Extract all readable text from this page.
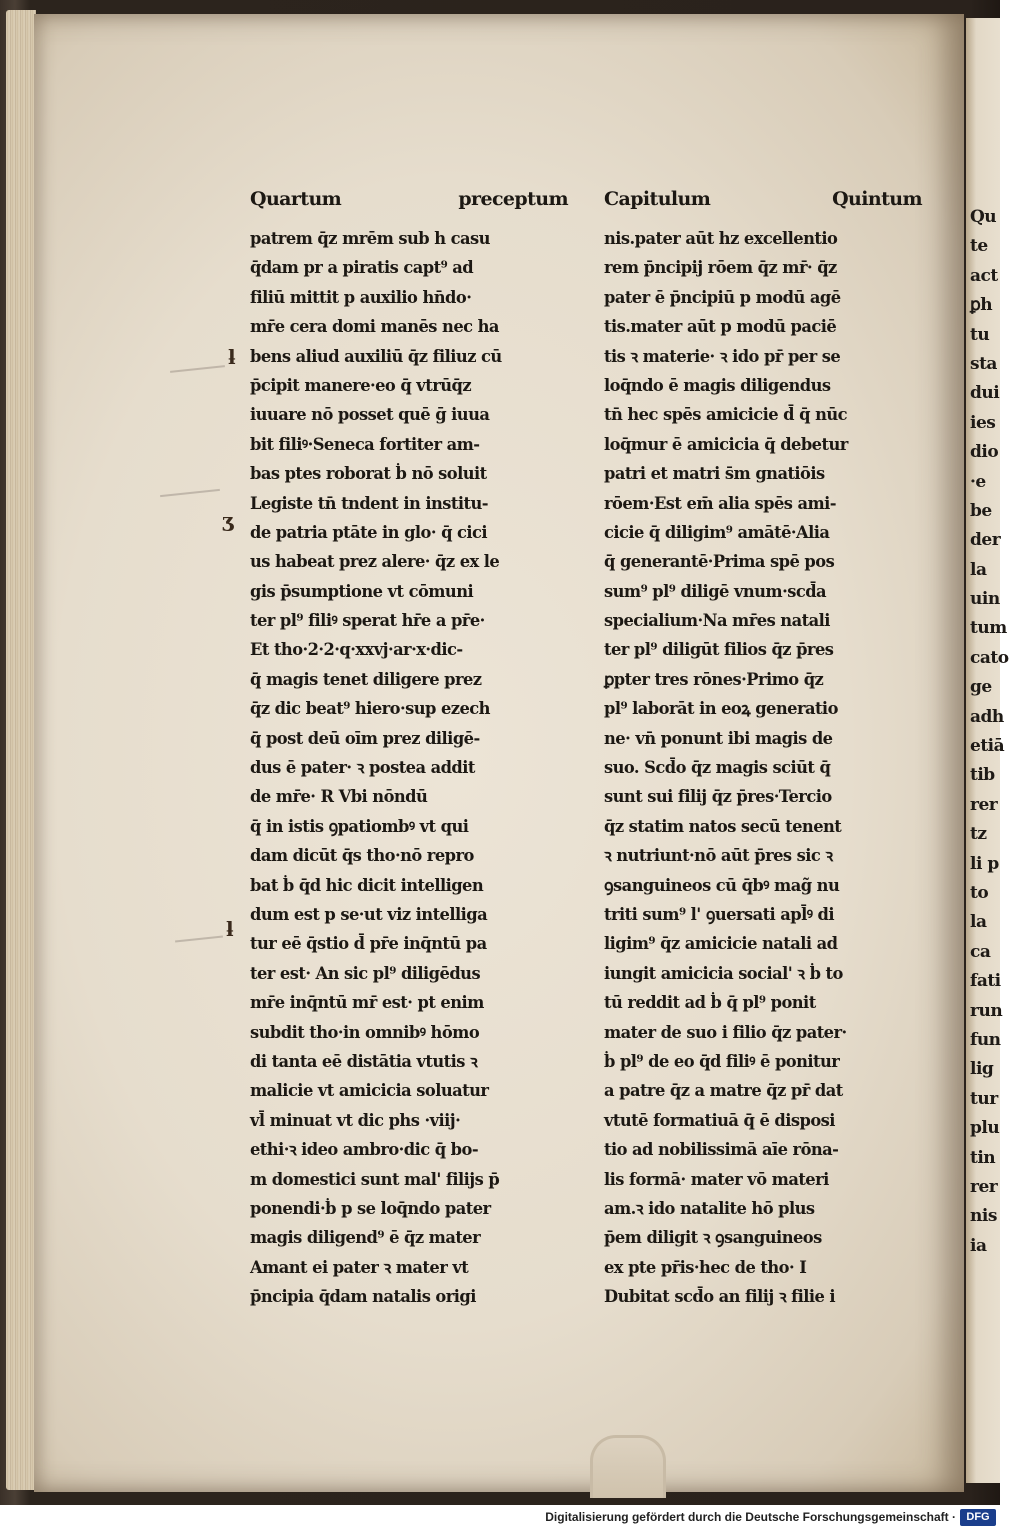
Qu
te
act
ꝑh
tu
sta
dui
ies
dio
·e
be
der
la
uin
tum
cato
ge
adh
etiā
tib
rer
tz
li p
to
la
ca
fati
run
fun
lig
tur
plu
tin
rer
nis
ia
ƚ
ʒ
ƚ
Quartum	preceptum
patrem q̄z mrēm sub h casu
q̄dam pr a piratis capt⁹ ad
filiū mittit p auxilio hn̄do·
mr̄e cera domi manēs nec ha
bens aliud auxiliū q̄z filiuz cū
p̄cipit manere·eo q̄ vtrūq̄z
iuuare nō posset quē ḡ iuua
bit filiꝰ·Seneca fortiter am-
bas ptes roborat ḃ nō soluit
Legiste tn̄ tndent in institu-
de patria ptāte in glo· q̄ cici
us habeat prez alere· q̄z ex le
gis p̄sumptione vt cōmuni
ter pl⁹ filiꝰ sperat hr̄e a pr̄e·
Et tho·2·2·q·xxvj·ar·x·dic-
q̄ magis tenet diligere prez
q̄z dic beat⁹ hiero·sup ezech
q̄ post deū oīm prez diligē-
dus ē pater· ꝛ postea addit
de mr̄e· R Vbi nōndū
q̄ in istis ꝯpatiombꝰ vt qui
dam dicūt q̄s tho·nō repro
bat ḃ q̄d hic dicit intelligen
dum est p se·ut viz intelliga
tur eē q̄stio d̄ pr̄e inq̄ntū pa
ter est· An sic pl⁹ diligēdus
mr̄e inq̄ntū mr̄ est· pt enim
subdit tho·in omnibꝰ hōmo
di tanta eē distātia vtutis ꝛ
malicie vt amicicia soluatur
vl̄ minuat vt dic phs ·viij·
ethi·ꝛ ideo ambro·dic q̄ bo-
m domestici sunt mal' filijs p̄
ponendi·ḃ p se loq̄ndo pater
magis diligend⁹ ē q̄z mater
Amant ei pater ꝛ mater vt
p̄ncipia q̄dam natalis origi
Capitulum	Quintum
nis.pater aūt hz excellentio
rem p̄ncipij rōem q̄z mr̄· q̄z
pater ē p̄ncipiū p modū agē
tis.mater aūt p modū paciē
tis ꝛ materie· ꝛ ido pr̄ per se
loq̄ndo ē magis diligendus
tn̄ hec spēs amicicie d̄ q̄ nūc
loq̄mur ē amicicia q̄ debetur
patri et matri s̄m gnatiōis
rōem·Est em̄ alia spēs ami-
cicie q̄ diligim⁹ amātē·Alia
q̄ generantē·Prima spē pos
sum⁹ pl⁹ diligē vnum·scd̄a
specialium·Na mr̄es natali
ter pl⁹ diligūt filios q̄z p̄res
ꝑpter tres rōnes·Primo q̄z
pl⁹ laborāt in eoꝝ generatio
ne· vn̄ ponunt ibi magis de
suo. Scd̄o q̄z magis sciūt q̄
sunt sui filij q̄z p̄res·Tercio
q̄z statim natos secū tenent
ꝛ nutriunt·nō aūt p̄res sic ꝛ
ꝯsanguineos cū q̄bꝰ mag̃ nu
triti sum⁹ l' ꝯuersati apl̄ꝰ di
ligim⁹ q̄z amicicie natali ad
iungit amicicia social' ꝛ ḃ to
tū reddit ad ḃ q̄ pl⁹ ponit
mater de suo i filio q̄z pater·
ḃ pl⁹ de eo q̄d filiꝰ ē ponitur
a patre q̄z a matre q̄z pr̄ dat
vtutē formatiuā q̄ ē disposi
tio ad nobilissimā aīe rōna-
lis formā· mater vō materi
am.ꝛ ido natalite hō plus
p̄em diligit ꝛ ꝯsanguineos
ex pte pr̄is·hec de tho· I
Dubitat scd̄o an filij ꝛ filie i
Digitalisierung gefördert durch die Deutsche Forschungsgemeinschaft · DFG
